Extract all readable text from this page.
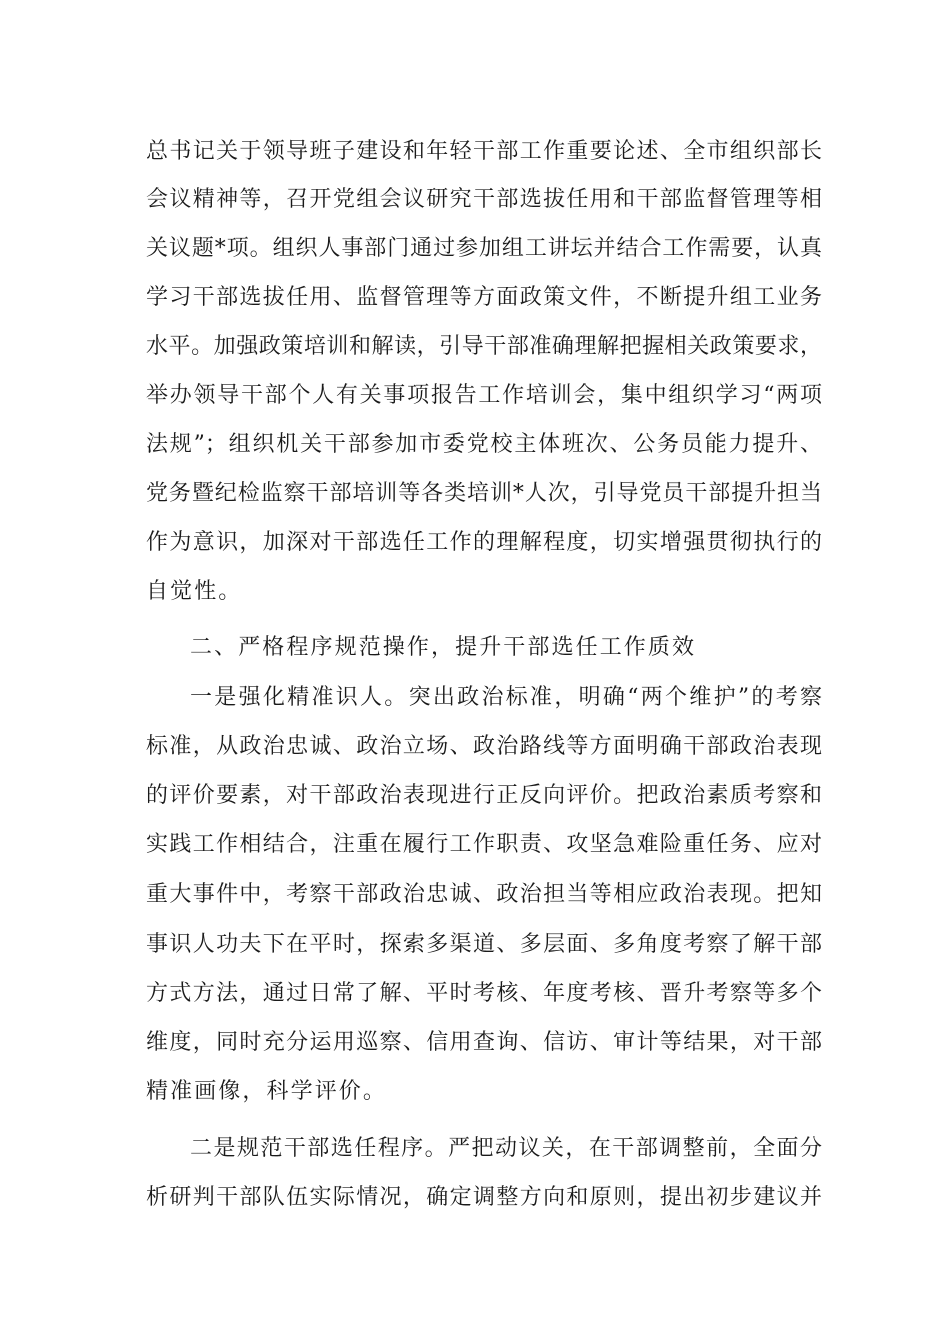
总书记关于领导班子建设和年轻干部工作重要论述、全市组织部长
会议精神等，召开党组会议研究干部选拔任用和干部监督管理等相
关议题*项。组织人事部门通过参加组工讲坛并结合工作需要，认真
学习干部选拔任用、监督管理等方面政策文件，不断提升组工业务
水平。加强政策培训和解读，引导干部准确理解把握相关政策要求，
举办领导干部个人有关事项报告工作培训会，集中组织学习“两项
法规”；组织机关干部参加市委党校主体班次、公务员能力提升、
党务暨纪检监察干部培训等各类培训*人次，引导党员干部提升担当
作为意识，加深对干部选任工作的理解程度，切实增强贯彻执行的
自觉性。
二、严格程序规范操作，提升干部选任工作质效
一是强化精准识人。突出政治标准，明确“两个维护”的考察
标准，从政治忠诚、政治立场、政治路线等方面明确干部政治表现
的评价要素，对干部政治表现进行正反向评价。把政治素质考察和
实践工作相结合，注重在履行工作职责、攻坚急难险重任务、应对
重大事件中，考察干部政治忠诚、政治担当等相应政治表现。把知
事识人功夫下在平时，探索多渠道、多层面、多角度考察了解干部
方式方法，通过日常了解、平时考核、年度考核、晋升考察等多个
维度，同时充分运用巡察、信用查询、信访、审计等结果，对干部
精准画像，科学评价。
二是规范干部选任程序。严把动议关，在干部调整前，全面分
析研判干部队伍实际情况，确定调整方向和原则，提出初步建议并
